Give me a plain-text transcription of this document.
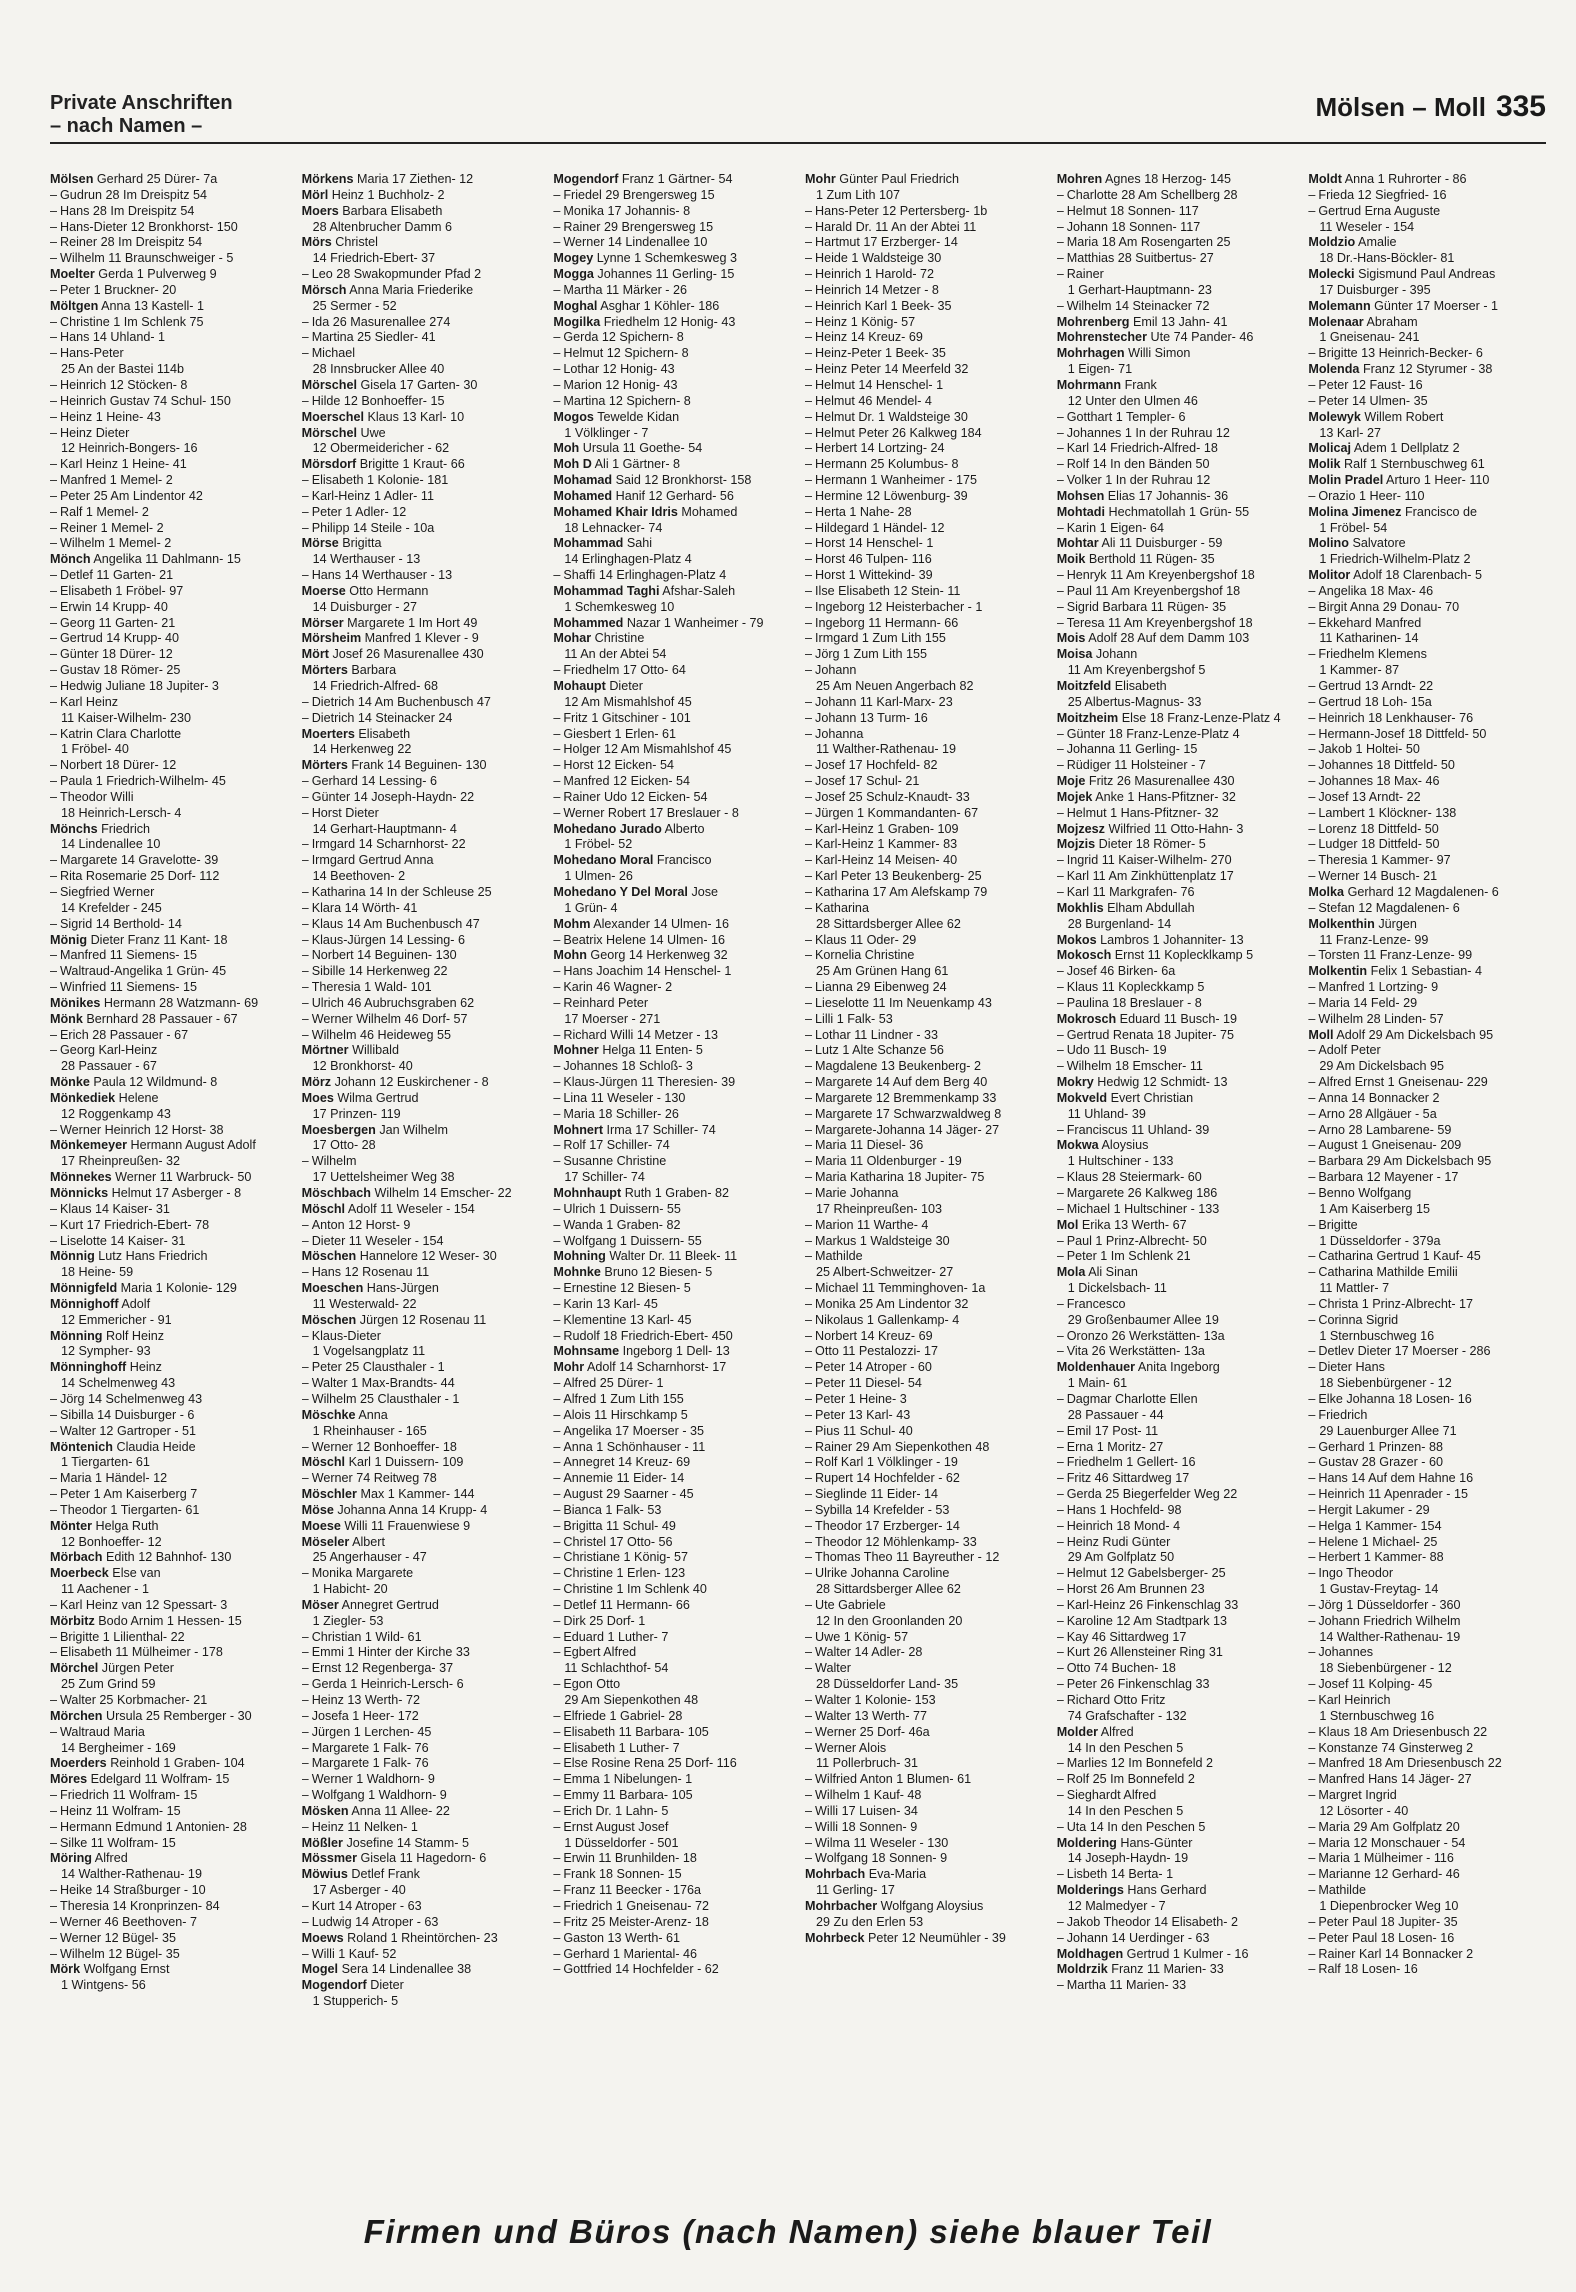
Private Anschriften
– nach Namen –
Mölsen – Moll 335
Mölsen Gerhard 25 Dürer- 7a
– Gudrun 28 Im Dreispitz 54
– Hans 28 Im Dreispitz 54
– Hans-Dieter 12 Bronkhorst- 150
– Reiner 28 Im Dreispitz 54
– Wilhelm 11 Braunschweiger - 5
Moelter Gerda 1 Pulverweg 9
– Peter 1 Bruckner- 20
Möltgen Anna 13 Kastell- 1
– Christine 1 Im Schlenk 75
– Hans 14 Uhland- 1
– Hans-Peter
25 An der Bastei 114b
– Heinrich 12 Stöcken- 8
– Heinrich Gustav 74 Schul- 150
– Heinz 1 Heine- 43
– Heinz Dieter
12 Heinrich-Bongers- 16
– Karl Heinz 1 Heine- 41
– Manfred 1 Memel- 2
– Peter 25 Am Lindentor 42
– Ralf 1 Memel- 2
– Reiner 1 Memel- 2
– Wilhelm 1 Memel- 2
Mönch Angelika 11 Dahlmann- 15
– Detlef 11 Garten- 21
– Elisabeth 1 Fröbel- 97
– Erwin 14 Krupp- 40
– Georg 11 Garten- 21
– Gertrud 14 Krupp- 40
– Günter 18 Dürer- 12
– Gustav 18 Römer- 25
– Hedwig Juliane 18 Jupiter- 3
– Karl Heinz
11 Kaiser-Wilhelm- 230
– Katrin Clara Charlotte
1 Fröbel- 40
– Norbert 18 Dürer- 12
– Paula 1 Friedrich-Wilhelm- 45
– Theodor Willi
18 Heinrich-Lersch- 4
Mönchs Friedrich
14 Lindenallee 10
– Margarete 14 Gravelotte- 39
– Rita Rosemarie 25 Dorf- 112
– Siegfried Werner
14 Krefelder - 245
– Sigrid 14 Berthold- 14
Mönig Dieter Franz 11 Kant- 18
– Manfred 11 Siemens- 15
– Waltraud-Angelika 1 Grün- 45
– Winfried 11 Siemens- 15
Mönikes Hermann 28 Watzmann- 69
Mönk Bernhard 28 Passauer - 67
– Erich 28 Passauer - 67
– Georg Karl-Heinz
28 Passauer - 67
Mönke Paula 12 Wildmund- 8
Mönkediek Helene
12 Roggenkamp 43
– Werner Heinrich 12 Horst- 38
Mönkemeyer Hermann August Adolf
17 Rheinpreußen- 32
Mönnekes Werner 11 Warbruck- 50
Mönnicks Helmut 17 Asberger - 8
– Klaus 14 Kaiser- 31
– Kurt 17 Friedrich-Ebert- 78
– Liselotte 14 Kaiser- 31
Mönnig Lutz Hans Friedrich
18 Heine- 59
Mönnigfeld Maria 1 Kolonie- 129
Mönnighoff Adolf
12 Emmericher - 91
Mönning Rolf Heinz
12 Sympher- 93
Mönninghoff Heinz
14 Schelmenweg 43
– Jörg 14 Schelmenweg 43
– Sibilla 14 Duisburger - 6
– Walter 12 Gartroper - 51
Möntenich Claudia Heide
1 Tiergarten- 61
– Maria 1 Händel- 12
– Peter 1 Am Kaiserberg 7
– Theodor 1 Tiergarten- 61
Mönter Helga Ruth
12 Bonhoeffer- 12
Mörbach Edith 12 Bahnhof- 130
Moerbeck Else van
11 Aachener - 1
– Karl Heinz van 12 Spessart- 3
Mörbitz Bodo Arnim 1 Hessen- 15
– Brigitte 1 Lilienthal- 22
– Elisabeth 11 Mülheimer - 178
Mörchel Jürgen Peter
25 Zum Grind 59
– Walter 25 Korbmacher- 21
Mörchen Ursula 25 Remberger - 30
– Waltraud Maria
14 Bergheimer - 169
Moerders Reinhold 1 Graben- 104
Möres Edelgard 11 Wolfram- 15
– Friedrich 11 Wolfram- 15
– Heinz 11 Wolfram- 15
– Hermann Edmund 1 Antonien- 28
– Silke 11 Wolfram- 15
Möring Alfred
14 Walther-Rathenau- 19
– Heike 14 Straßburger - 10
– Theresia 14 Kronprinzen- 84
– Werner 46 Beethoven- 7
– Werner 12 Bügel- 35
– Wilhelm 12 Bügel- 35
Mörk Wolfgang Ernst
1 Wintgens- 56
Mörkens Maria 17 Ziethen- 12
Mörl Heinz 1 Buchholz- 2
Moers Barbara Elisabeth
28 Altenbrucher Damm 6
Mörs Christel
14 Friedrich-Ebert- 37
– Leo 28 Swakopmunder Pfad 2
Mörsch Anna Maria Friederike
25 Sermer - 52
– Ida 26 Masurenallee 274
– Martina 25 Siedler- 41
– Michael
28 Innsbrucker Allee 40
Mörschel Gisela 17 Garten- 30
– Hilde 12 Bonhoeffer- 15
Moerschel Klaus 13 Karl- 10
Mörschel Uwe
12 Obermeidericher - 62
Mörsdorf Brigitte 1 Kraut- 66
– Elisabeth 1 Kolonie- 181
– Karl-Heinz 1 Adler- 11
– Peter 1 Adler- 12
– Philipp 14 Steile - 10a
Mörse Brigitta
14 Werthauser - 13
– Hans 14 Werthauser - 13
Moerse Otto Hermann
14 Duisburger - 27
Mörser Margarete 1 Im Hort 49
Mörsheim Manfred 1 Klever - 9
Mört Josef 26 Masurenallee 430
Mörters Barbara
14 Friedrich-Alfred- 68
– Dietrich 14 Am Buchenbusch 47
– Dietrich 14 Steinacker 24
Moerters Elisabeth
14 Herkenweg 22
Mörters Frank 14 Beguinen- 130
– Gerhard 14 Lessing- 6
– Günter 14 Joseph-Haydn- 22
– Horst Dieter
14 Gerhart-Hauptmann- 4
– Irmgard 14 Scharnhorst- 22
– Irmgard Gertrud Anna
14 Beethoven- 2
– Katharina 14 In der Schleuse 25
– Klara 14 Wörth- 41
– Klaus 14 Am Buchenbusch 47
– Klaus-Jürgen 14 Lessing- 6
– Norbert 14 Beguinen- 130
– Sibille 14 Herkenweg 22
– Theresia 1 Wald- 101
– Ulrich 46 Aubruchsgraben 62
– Werner Wilhelm 46 Dorf- 57
– Wilhelm 46 Heideweg 55
Mörtner Willibald
12 Bronkhorst- 40
Mörz Johann 12 Euskirchener - 8
Moes Wilma Gertrud
17 Prinzen- 119
Moesbergen Jan Wilhelm
17 Otto- 28
– Wilhelm
17 Uettelsheimer Weg 38
Möschbach Wilhelm 14 Emscher- 22
Möschl Adolf 11 Weseler - 154
– Anton 12 Horst- 9
– Dieter 11 Weseler - 154
Möschen Hannelore 12 Weser- 30
– Hans 12 Rosenau 11
Moeschen Hans-Jürgen
11 Westerwald- 22
Möschen Jürgen 12 Rosenau 11
– Klaus-Dieter
1 Vogelsangplatz 11
– Peter 25 Clausthaler - 1
– Walter 1 Max-Brandts- 44
– Wilhelm 25 Clausthaler - 1
Möschke Anna
1 Rheinhauser - 165
– Werner 12 Bonhoeffer- 18
Möschl Karl 1 Duissern- 109
– Werner 74 Reitweg 78
Möschler Max 1 Kammer- 144
Möse Johanna Anna 14 Krupp- 4
Moese Willi 11 Frauenwiese 9
Möseler Albert
25 Angerhauser - 47
– Monika Margarete
1 Habicht- 20
Möser Annegret Gertrud
1 Ziegler- 53
– Christian 1 Wild- 61
– Emmi 1 Hinter der Kirche 33
– Ernst 12 Regenberga- 37
– Gerda 1 Heinrich-Lersch- 6
– Heinz 13 Werth- 72
– Josefa 1 Heer- 172
– Jürgen 1 Lerchen- 45
– Margarete 1 Falk- 76
– Margarete 1 Falk- 76
– Werner 1 Waldhorn- 9
– Wolfgang 1 Waldhorn- 9
Mösken Anna 11 Allee- 22
– Heinz 11 Nelken- 1
Mößler Josefine 14 Stamm- 5
Mössmer Gisela 11 Hagedorn- 6
Möwius Detlef Frank
17 Asberger - 40
– Kurt 14 Atroper - 63
– Ludwig 14 Atroper - 63
Moews Roland 1 Rheintörchen- 23
– Willi 1 Kauf- 52
Mogel Sera 14 Lindenallee 38
Mogendorf Dieter
1 Stupperich- 5
Mogendorf Franz 1 Gärtner- 54
– Friedel 29 Brengersweg 15
– Monika 17 Johannis- 8
– Rainer 29 Brengersweg 15
– Werner 14 Lindenallee 10
Mogey Lynne 1 Schemkesweg 3
Mogga Johannes 11 Gerling- 15
– Martha 11 Märker - 26
Moghal Asghar 1 Köhler- 186
Mogilka Friedhelm 12 Honig- 43
– Gerda 12 Spichern- 8
– Helmut 12 Spichern- 8
– Lothar 12 Honig- 43
– Marion 12 Honig- 43
– Martina 12 Spichern- 8
Mogos Tewelde Kidan
1 Völklinger - 7
Moh Ursula 11 Goethe- 54
Moh D Ali 1 Gärtner- 8
Mohamad Said 12 Bronkhorst- 158
Mohamed Hanif 12 Gerhard- 56
Mohamed Khair Idris Mohamed
18 Lehnacker- 74
Mohammad Sahi
14 Erlinghagen-Platz 4
– Shaffi 14 Erlinghagen-Platz 4
Mohammad Taghi Afshar-Saleh
1 Schemkesweg 10
Mohammed Nazar 1 Wanheimer - 79
Mohar Christine
11 An der Abtei 54
– Friedhelm 17 Otto- 64
Mohaupt Dieter
12 Am Mismahlshof 45
– Fritz 1 Gitschiner - 101
– Giesbert 1 Erlen- 61
– Holger 12 Am Mismahlshof 45
– Horst 12 Eicken- 54
– Manfred 12 Eicken- 54
– Rainer Udo 12 Eicken- 54
– Werner Robert 17 Breslauer - 8
Mohedano Jurado Alberto
1 Fröbel- 52
Mohedano Moral Francisco
1 Ulmen- 26
Mohedano Y Del Moral Jose
1 Grün- 4
Mohm Alexander 14 Ulmen- 16
– Beatrix Helene 14 Ulmen- 16
Mohn Georg 14 Herkenweg 32
– Hans Joachim 14 Henschel- 1
– Karin 46 Wagner- 2
– Reinhard Peter
17 Moerser - 271
– Richard Willi 14 Metzer - 13
Mohner Helga 11 Enten- 5
– Johannes 18 Schloß- 3
– Klaus-Jürgen 11 Theresien- 39
– Lina 11 Weseler - 130
– Maria 18 Schiller- 26
Mohnert Irma 17 Schiller- 74
– Rolf 17 Schiller- 74
– Susanne Christine
17 Schiller- 74
Mohnhaupt Ruth 1 Graben- 82
– Ulrich 1 Duissern- 55
– Wanda 1 Graben- 82
– Wolfgang 1 Duissern- 55
Mohning Walter Dr. 11 Bleek- 11
Mohnke Bruno 12 Biesen- 5
– Ernestine 12 Biesen- 5
– Karin 13 Karl- 45
– Klementine 13 Karl- 45
– Rudolf 18 Friedrich-Ebert- 450
Mohnsame Ingeborg 1 Dell- 13
Mohr Adolf 14 Scharnhorst- 17
– Alfred 25 Dürer- 1
– Alfred 1 Zum Lith 155
– Alois 11 Hirschkamp 5
– Angelika 17 Moerser - 35
– Anna 1 Schönhauser - 11
– Annegret 14 Kreuz- 69
– Annemie 11 Eider- 14
– August 29 Saarner - 45
– Bianca 1 Falk- 53
– Brigitta 11 Schul- 49
– Christel 17 Otto- 56
– Christiane 1 König- 57
– Christine 1 Erlen- 123
– Christine 1 Im Schlenk 40
– Detlef 11 Hermann- 66
– Dirk 25 Dorf- 1
– Eduard 1 Luther- 7
– Egbert Alfred
11 Schlachthof- 54
– Egon Otto
29 Am Siepenkothen 48
– Elfriede 1 Gabriel- 28
– Elisabeth 11 Barbara- 105
– Elisabeth 1 Luther- 7
– Else Rosine Rena 25 Dorf- 116
– Emma 1 Nibelungen- 1
– Emmy 11 Barbara- 105
– Erich Dr. 1 Lahn- 5
– Ernst August Josef
1 Düsseldorfer - 501
– Erwin 11 Brunhilden- 18
– Frank 18 Sonnen- 15
– Franz 11 Beecker - 176a
– Friedrich 1 Gneisenau- 72
– Fritz 25 Meister-Arenz- 18
– Gaston 13 Werth- 61
– Gerhard 1 Mariental- 46
– Gottfried 14 Hochfelder - 62
Mohr Günter Paul Friedrich
1 Zum Lith 107
– Hans-Peter 12 Pertersberg- 1b
– Harald Dr. 11 An der Abtei 11
– Hartmut 17 Erzberger- 14
– Heide 1 Waldsteige 30
– Heinrich 1 Harold- 72
– Heinrich 14 Metzer - 8
– Heinrich Karl 1 Beek- 35
– Heinz 1 König- 57
– Heinz 14 Kreuz- 69
– Heinz-Peter 1 Beek- 35
– Heinz Peter 14 Meerfeld 32
– Helmut 14 Henschel- 1
– Helmut 46 Mendel- 4
– Helmut Dr. 1 Waldsteige 30
– Helmut Peter 26 Kalkweg 184
– Herbert 14 Lortzing- 24
– Hermann 25 Kolumbus- 8
– Hermann 1 Wanheimer - 175
– Hermine 12 Löwenburg- 39
– Herta 1 Nahe- 28
– Hildegard 1 Händel- 12
– Horst 14 Henschel- 1
– Horst 46 Tulpen- 116
– Horst 1 Wittekind- 39
– Ilse Elisabeth 12 Stein- 11
– Ingeborg 12 Heisterbacher - 1
– Ingeborg 11 Hermann- 66
– Irmgard 1 Zum Lith 155
– Jörg 1 Zum Lith 155
– Johann
25 Am Neuen Angerbach 82
– Johann 11 Karl-Marx- 23
– Johann 13 Turm- 16
– Johanna
11 Walther-Rathenau- 19
– Josef 17 Hochfeld- 82
– Josef 17 Schul- 21
– Josef 25 Schulz-Knaudt- 33
– Jürgen 1 Kommandanten- 67
– Karl-Heinz 1 Graben- 109
– Karl-Heinz 1 Kammer- 83
– Karl-Heinz 14 Meisen- 40
– Karl Peter 13 Beukenberg- 25
– Katharina 17 Am Alefskamp 79
– Katharina
28 Sittardsberger Allee 62
– Klaus 11 Oder- 29
– Kornelia Christine
25 Am Grünen Hang 61
– Lianna 29 Eibenweg 24
– Lieselotte 11 Im Neuenkamp 43
– Lilli 1 Falk- 53
– Lothar 11 Lindner - 33
– Lutz 1 Alte Schanze 56
– Magdalene 13 Beukenberg- 2
– Margarete 14 Auf dem Berg 40
– Margarete 12 Bremmenkamp 33
– Margarete 17 Schwarzwaldweg 8
– Margarete-Johanna 14 Jäger- 27
– Maria 11 Diesel- 36
– Maria 11 Oldenburger - 19
– Maria Katharina 18 Jupiter- 75
– Marie Johanna
17 Rheinpreußen- 103
– Marion 11 Warthe- 4
– Markus 1 Waldsteige 30
– Mathilde
25 Albert-Schweitzer- 27
– Michael 11 Temminghoven- 1a
– Monika 25 Am Lindentor 32
– Nikolaus 1 Gallenkamp- 4
– Norbert 14 Kreuz- 69
– Otto 11 Pestalozzi- 17
– Peter 14 Atroper - 60
– Peter 11 Diesel- 54
– Peter 1 Heine- 3
– Peter 13 Karl- 43
– Pius 11 Schul- 40
– Rainer 29 Am Siepenkothen 48
– Rolf Karl 1 Völklinger - 19
– Rupert 14 Hochfelder - 62
– Sieglinde 11 Eider- 14
– Sybilla 14 Krefelder - 53
– Theodor 17 Erzberger- 14
– Theodor 12 Möhlenkamp- 33
– Thomas Theo 11 Bayreuther - 12
– Ulrike Johanna Caroline
28 Sittardsberger Allee 62
– Ute Gabriele
12 In den Groonlanden 20
– Uwe 1 König- 57
– Walter 14 Adler- 28
– Walter
28 Düsseldorfer Land- 35
– Walter 1 Kolonie- 153
– Walter 13 Werth- 77
– Werner 25 Dorf- 46a
– Werner Alois
11 Pollerbruch- 31
– Wilfried Anton 1 Blumen- 61
– Wilhelm 1 Kauf- 48
– Willi 17 Luisen- 34
– Willi 18 Sonnen- 9
– Wilma 11 Weseler - 130
– Wolfgang 18 Sonnen- 9
Mohrbach Eva-Maria
11 Gerling- 17
Mohrbacher Wolfgang Aloysius
29 Zu den Erlen 53
Mohrbeck Peter 12 Neumühler - 39
Mohren Agnes 18 Herzog- 145
– Charlotte 28 Am Schellberg 28
– Helmut 18 Sonnen- 117
– Johann 18 Sonnen- 117
– Maria 18 Am Rosengarten 25
– Matthias 28 Suitbertus- 27
– Rainer
1 Gerhart-Hauptmann- 23
– Wilhelm 14 Steinacker 72
Mohrenberg Emil 13 Jahn- 41
Mohrenstecher Ute 74 Pander- 46
Mohrhagen Willi Simon
1 Eigen- 71
Mohrmann Frank
12 Unter den Ulmen 46
– Gotthart 1 Templer- 6
– Johannes 1 In der Ruhrau 12
– Karl 14 Friedrich-Alfred- 18
– Rolf 14 In den Bänden 50
– Volker 1 In der Ruhrau 12
Mohsen Elias 17 Johannis- 36
Mohtadi Hechmatollah 1 Grün- 55
– Karin 1 Eigen- 64
Mohtar Ali 11 Duisburger - 59
Moik Berthold 11 Rügen- 35
– Henryk 11 Am Kreyenbergshof 18
– Paul 11 Am Kreyenbergshof 18
– Sigrid Barbara 11 Rügen- 35
– Teresa 11 Am Kreyenbergshof 18
Mois Adolf 28 Auf dem Damm 103
Moisa Johann
11 Am Kreyenbergshof 5
Moitzfeld Elisabeth
25 Albertus-Magnus- 33
Moitzheim Else 18 Franz-Lenze-Platz 4
– Günter 18 Franz-Lenze-Platz 4
– Johanna 11 Gerling- 15
– Rüdiger 11 Holsteiner - 7
Moje Fritz 26 Masurenallee 430
Mojek Anke 1 Hans-Pfitzner- 32
– Helmut 1 Hans-Pfitzner- 32
Mojzesz Wilfried 11 Otto-Hahn- 3
Mojzis Dieter 18 Römer- 5
– Ingrid 11 Kaiser-Wilhelm- 270
– Karl 11 Am Zinkhüttenplatz 17
– Karl 11 Markgrafen- 76
Mokhlis Elham Abdullah
28 Burgenland- 14
Mokos Lambros 1 Johanniter- 13
Mokosch Ernst 11 Koplecklkamp 5
– Josef 46 Birken- 6a
– Klaus 11 Kopleckkamp 5
– Paulina 18 Breslauer - 8
Mokrosch Eduard 11 Busch- 19
– Gertrud Renata 18 Jupiter- 75
– Udo 11 Busch- 19
– Wilhelm 18 Emscher- 11
Mokry Hedwig 12 Schmidt- 13
Mokveld Evert Christian
11 Uhland- 39
– Franciscus 11 Uhland- 39
Mokwa Aloysius
1 Hultschiner - 133
– Klaus 28 Steiermark- 60
– Margarete 26 Kalkweg 186
– Michael 1 Hultschiner - 133
Mol Erika 13 Werth- 67
– Paul 1 Prinz-Albrecht- 50
– Peter 1 Im Schlenk 21
Mola Ali Sinan
1 Dickelsbach- 11
– Francesco
29 Großenbaumer Allee 19
– Oronzo 26 Werkstätten- 13a
– Vita 26 Werkstätten- 13a
Moldenhauer Anita Ingeborg
1 Main- 61
– Dagmar Charlotte Ellen
28 Passauer - 44
– Emil 17 Post- 11
– Erna 1 Moritz- 27
– Friedhelm 1 Gellert- 16
– Fritz 46 Sittardweg 17
– Gerda 25 Biegerfelder Weg 22
– Hans 1 Hochfeld- 98
– Heinrich 18 Mond- 4
– Heinz Rudi Günter
29 Am Golfplatz 50
– Helmut 12 Gabelsberger- 25
– Horst 26 Am Brunnen 23
– Karl-Heinz 26 Finkenschlag 33
– Karoline 12 Am Stadtpark 13
– Kay 46 Sittardweg 17
– Kurt 26 Allensteiner Ring 31
– Otto 74 Buchen- 18
– Peter 26 Finkenschlag 33
– Richard Otto Fritz
74 Grafschafter - 132
Molder Alfred
14 In den Peschen 5
– Marlies 12 Im Bonnefeld 2
– Rolf 25 Im Bonnefeld 2
– Sieghardt Alfred
14 In den Peschen 5
– Uta 14 In den Peschen 5
Moldering Hans-Günter
14 Joseph-Haydn- 19
– Lisbeth 14 Berta- 1
Molderings Hans Gerhard
12 Malmedyer - 7
– Jakob Theodor 14 Elisabeth- 2
– Johann 14 Uerdinger - 63
Moldhagen Gertrud 1 Kulmer - 16
Moldrzik Franz 11 Marien- 33
– Martha 11 Marien- 33
Moldt Anna 1 Ruhrorter - 86
– Frieda 12 Siegfried- 16
– Gertrud Erna Auguste
11 Weseler - 154
Moldzio Amalie
18 Dr.-Hans-Böckler- 81
Molecki Sigismund Paul Andreas
17 Duisburger - 395
Molemann Günter 17 Moerser - 1
Molenaar Abraham
1 Gneisenau- 241
– Brigitte 13 Heinrich-Becker- 6
Molenda Franz 12 Styrumer - 38
– Peter 12 Faust- 16
– Peter 14 Ulmen- 35
Molewyk Willem Robert
13 Karl- 27
Molicaj Adem 1 Dellplatz 2
Molik Ralf 1 Sternbuschweg 61
Molin Pradel Arturo 1 Heer- 110
– Orazio 1 Heer- 110
Molina Jimenez Francisco de
1 Fröbel- 54
Molino Salvatore
1 Friedrich-Wilhelm-Platz 2
Molitor Adolf 18 Clarenbach- 5
– Angelika 18 Max- 46
– Birgit Anna 29 Donau- 70
– Ekkehard Manfred
11 Katharinen- 14
– Friedhelm Klemens
1 Kammer- 87
– Gertrud 13 Arndt- 22
– Gertrud 18 Loh- 15a
– Heinrich 18 Lenkhauser- 76
– Hermann-Josef 18 Dittfeld- 50
– Jakob 1 Holtei- 50
– Johannes 18 Dittfeld- 50
– Johannes 18 Max- 46
– Josef 13 Arndt- 22
– Lambert 1 Klöckner- 138
– Lorenz 18 Dittfeld- 50
– Ludger 18 Dittfeld- 50
– Theresia 1 Kammer- 97
– Werner 14 Busch- 21
Molka Gerhard 12 Magdalenen- 6
– Stefan 12 Magdalenen- 6
Molkenthin Jürgen
11 Franz-Lenze- 99
– Torsten 11 Franz-Lenze- 99
Molkentin Felix 1 Sebastian- 4
– Manfred 1 Lortzing- 9
– Maria 14 Feld- 29
– Wilhelm 28 Linden- 57
Moll Adolf 29 Am Dickelsbach 95
– Adolf Peter
29 Am Dickelsbach 95
– Alfred Ernst 1 Gneisenau- 229
– Anna 14 Bonnacker 2
– Arno 28 Allgäuer - 5a
– Arno 28 Lambarene- 59
– August 1 Gneisenau- 209
– Barbara 29 Am Dickelsbach 95
– Barbara 12 Mayener - 17
– Benno Wolfgang
1 Am Kaiserberg 15
– Brigitte
1 Düsseldorfer - 379a
– Catharina Gertrud 1 Kauf- 45
– Catharina Mathilde Emilii
11 Mattler- 7
– Christa 1 Prinz-Albrecht- 17
– Corinna Sigrid
1 Sternbuschweg 16
– Detlev Dieter 17 Moerser - 286
– Dieter Hans
18 Siebenbürgener - 12
– Elke Johanna 18 Losen- 16
– Friedrich
29 Lauenburger Allee 71
– Gerhard 1 Prinzen- 88
– Gustav 28 Grazer - 60
– Hans 14 Auf dem Hahne 16
– Heinrich 11 Apenrader - 15
– Hergit Lakumer - 29
– Helga 1 Kammer- 154
– Helene 1 Michael- 25
– Herbert 1 Kammer- 88
– Ingo Theodor
1 Gustav-Freytag- 14
– Jörg 1 Düsseldorfer - 360
– Johann Friedrich Wilhelm
14 Walther-Rathenau- 19
– Johannes
18 Siebenbürgener - 12
– Josef 11 Kolping- 45
– Karl Heinrich
1 Sternbuschweg 16
– Klaus 18 Am Driesenbusch 22
– Konstanze 74 Ginsterweg 2
– Manfred 18 Am Driesenbusch 22
– Manfred Hans 14 Jäger- 27
– Margret Ingrid
12 Lösorter - 40
– Maria 29 Am Golfplatz 20
– Maria 12 Monschauer - 54
– Maria 1 Mülheimer - 116
– Marianne 12 Gerhard- 46
– Mathilde
1 Diepenbrocker Weg 10
– Peter Paul 18 Jupiter- 35
– Peter Paul 18 Losen- 16
– Rainer Karl 14 Bonnacker 2
– Ralf 18 Losen- 16
Firmen und Büros (nach Namen) siehe blauer Teil
